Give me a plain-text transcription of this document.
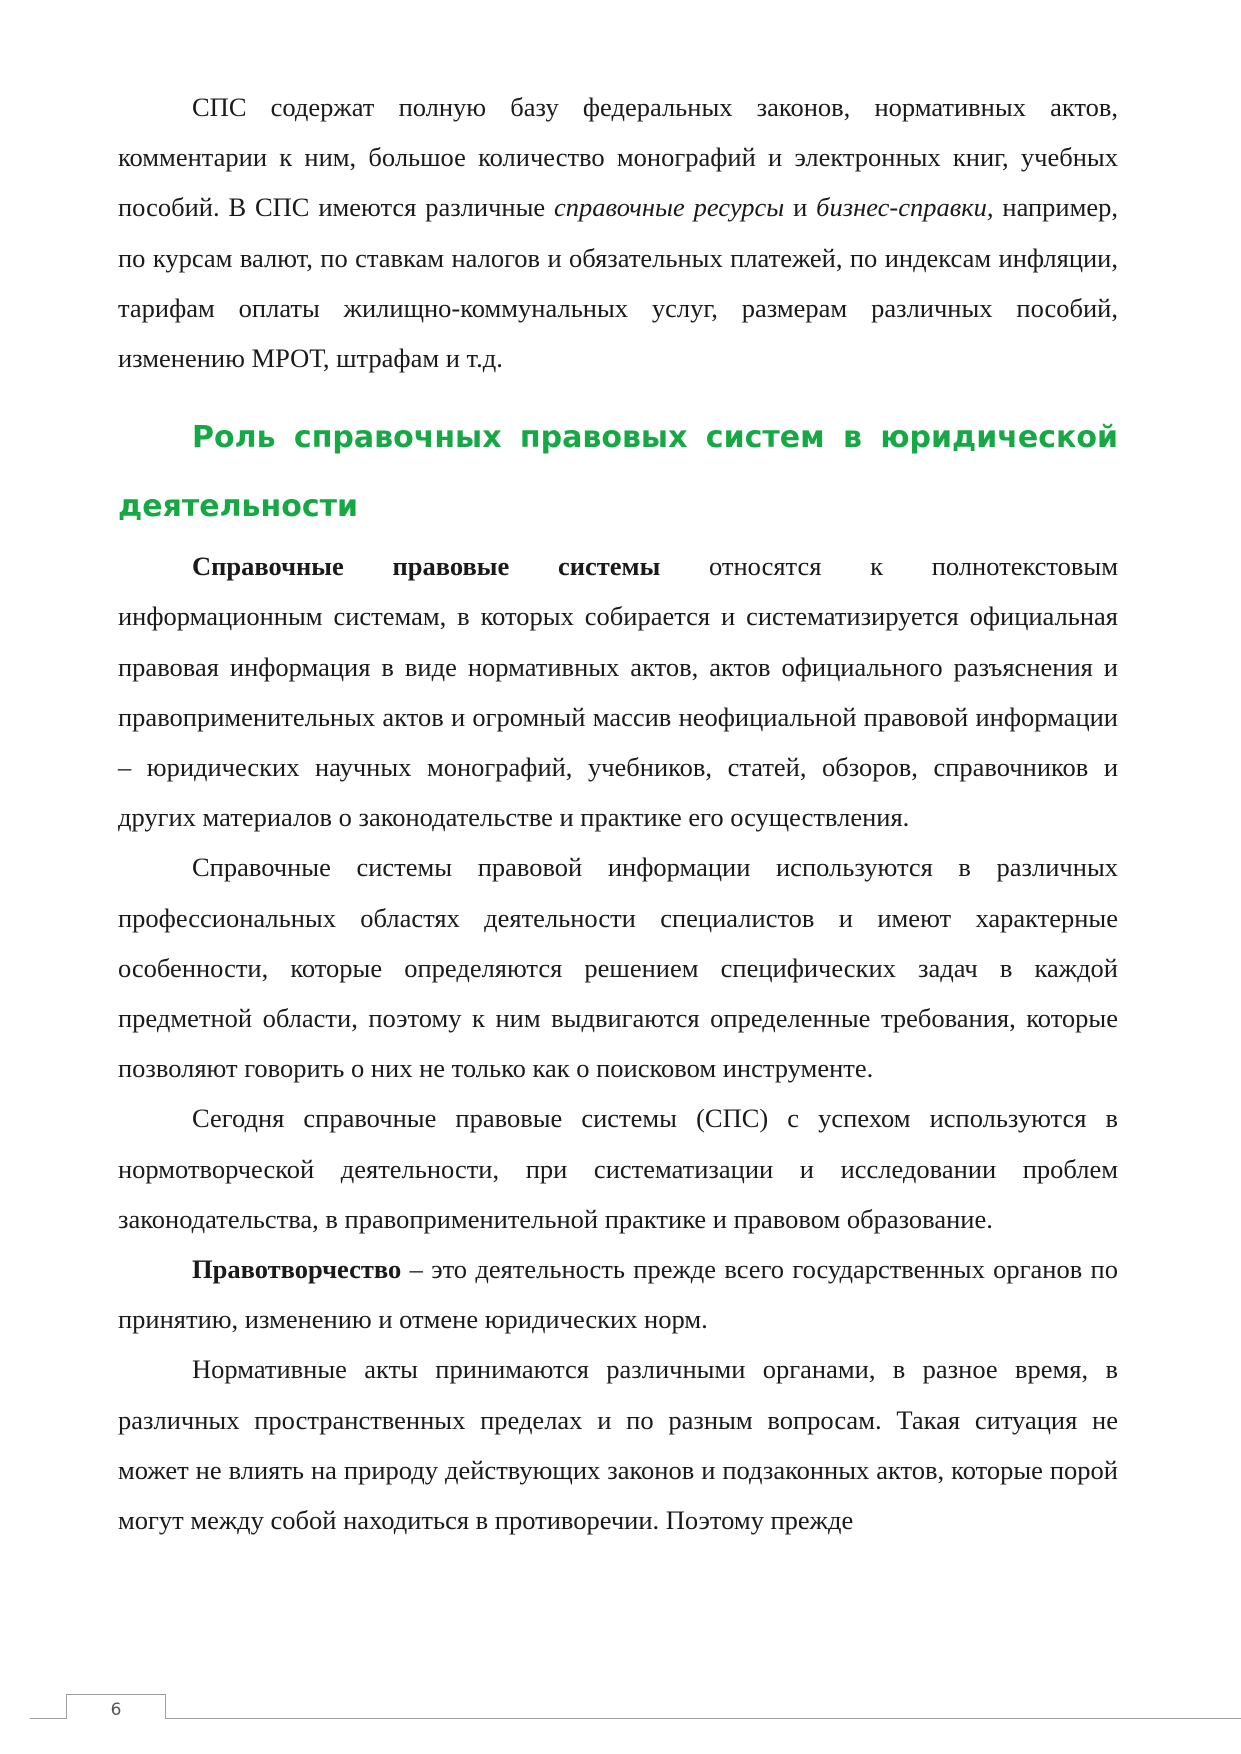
СПС содержат полную базу федеральных законов, нормативных актов, комментарии к ним, большое количество монографий и электронных книг, учебных пособий. В СПС имеются различные справочные ресурсы и бизнес-справки, например, по курсам валют, по ставкам налогов и обязательных платежей, по индексам инфляции, тарифам оплаты жилищно-коммунальных услуг, размерам различных пособий, изменению МРОТ, штрафам и т.д.

Роль справочных правовых систем в юридической деятельности

Справочные правовые системы относятся к полнотекстовым информационным системам, в которых собирается и систематизируется официальная правовая информация в виде нормативных актов, актов официального разъяснения и правоприменительных актов и огромный массив неофициальной правовой информации – юридических научных монографий, учебников, статей, обзоров, справочников и других материалов о законодательстве и практике его осуществления.

Справочные системы правовой информации используются в различных профессиональных областях деятельности специалистов и имеют характерные особенности, которые определяются решением специфических задач в каждой предметной области, поэтому к ним выдвигаются определенные требования, которые позволяют говорить о них не только как о поисковом инструменте.

Сегодня справочные правовые системы (СПС) с успехом используются в нормотворческой деятельности, при систематизации и исследовании проблем законодательства, в правоприменительной практике и правовом образование.

Правотворчество – это деятельность прежде всего государственных органов по принятию, изменению и отмене юридических норм.

Нормативные акты принимаются различными органами, в разное время, в различных пространственных пределах и по разным вопросам. Такая ситуация не может не влиять на природу действующих законов и подзаконных актов, которые порой могут между собой находиться в противоречии. Поэтому прежде

6
